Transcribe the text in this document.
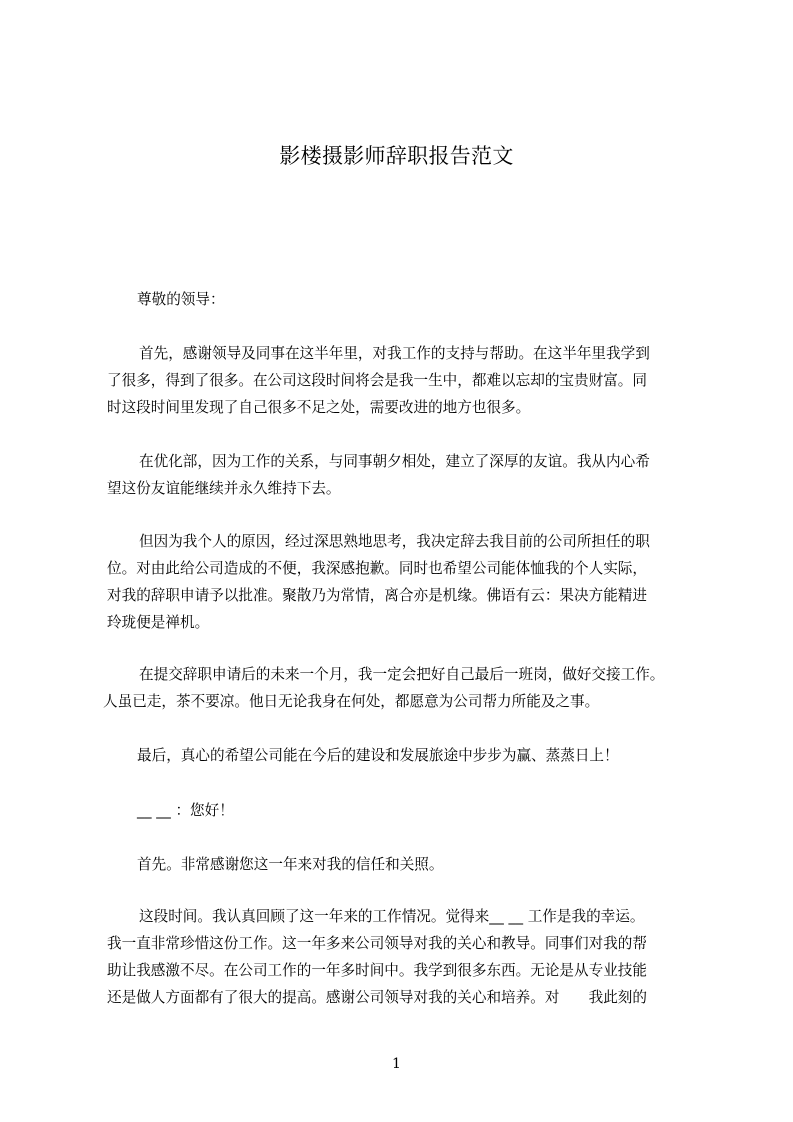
影楼摄影师辞职报告范文

尊敬的领导：

首先，感谢领导及同事在这半年里，对我工作的支持与帮助。在这半年里我学到

了很多，得到了很多。在公司这段时间将会是我一生中，都难以忘却的宝贵财富。同

时这段时间里发现了自己很多不足之处，需要改进的地方也很多。

在优化部，因为工作的关系，与同事朝夕相处，建立了深厚的友谊。我从内心希

望这份友谊能继续并永久维持下去。

但因为我个人的原因，经过深思熟地思考，我决定辞去我目前的公司所担任的职

位。对由此给公司造成的不便，我深感抱歉。同时也希望公司能体恤我的个人实际，

对我的辞职申请予以批准。聚散乃为常情，离合亦是机缘。佛语有云：果决方能精进

玲珑便是禅机。

在提交辞职申请后的未来一个月，我一定会把好自己最后一班岗，做好交接工作。

人虽已走，茶不要凉。他日无论我身在何处，都愿意为公司帮力所能及之事。

最后，真心的希望公司能在今后的建设和发展旅途中步步为赢、蒸蒸日上！

__ __ ：您好！

首先。非常感谢您这一年来对我的信任和关照。

这段时间。我认真回顾了这一年来的工作情况。觉得来__ __ 工作是我的幸运。

我一直非常珍惜这份工作。这一年多来公司领导对我的关心和教导。同事们对我的帮

助让我感激不尽。在公司工作的一年多时间中。我学到很多东西。无论是从专业技能

还是做人方面都有了很大的提高。感谢公司领导对我的关心和培养。对　　我此刻的

1
